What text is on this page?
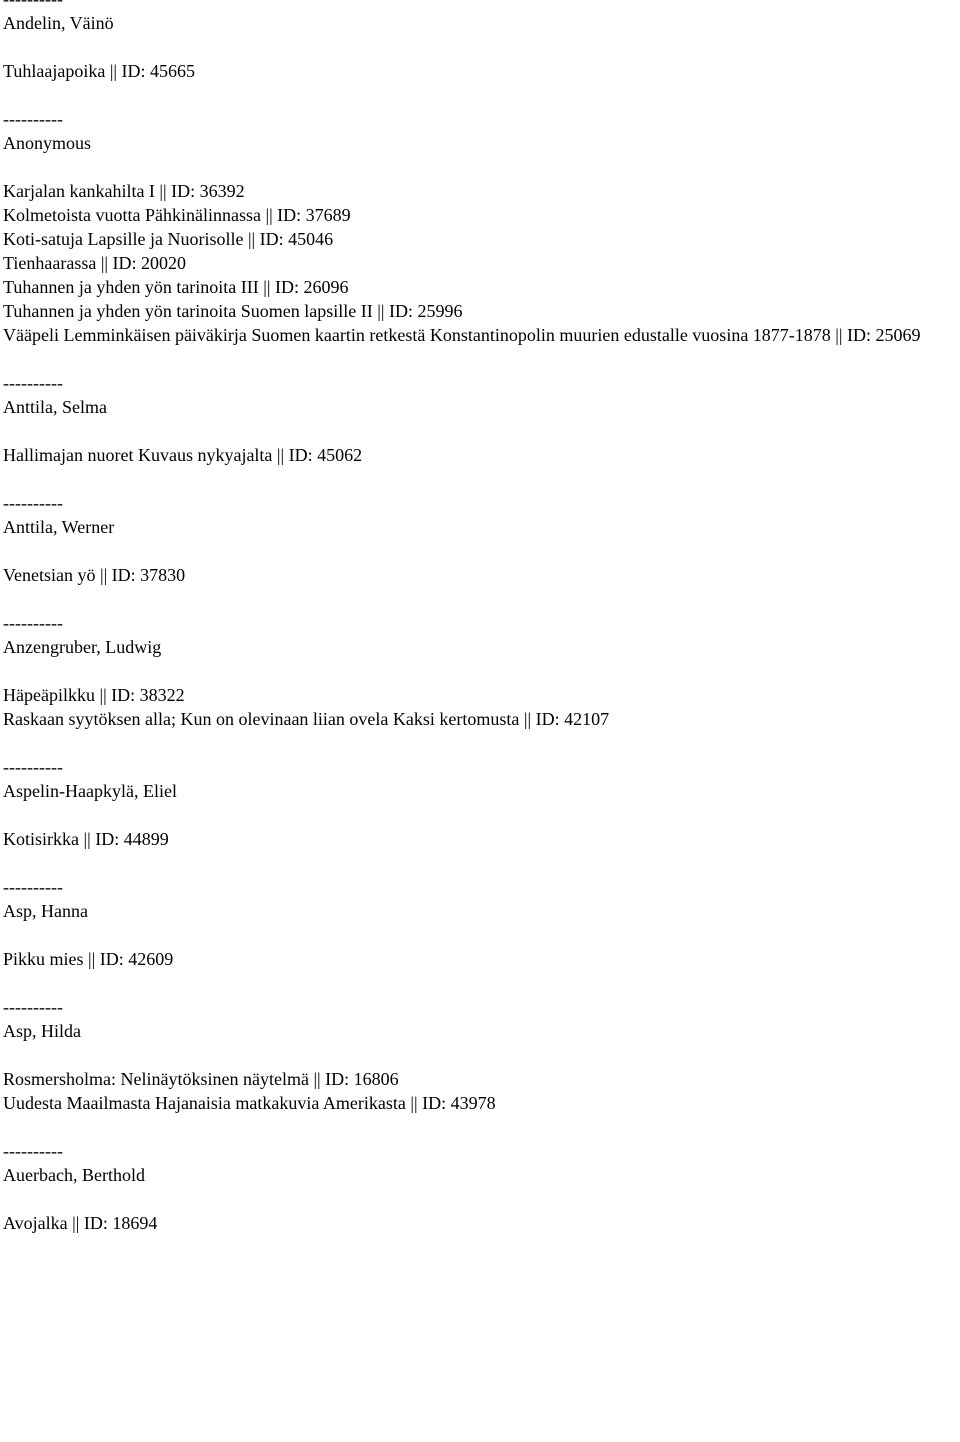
Andelin, Väinö
Tuhlaajapoika || ID: 45665
----------
Anonymous
Karjalan kankahilta I || ID: 36392
Kolmetoista vuotta Pähkinälinnassa || ID: 37689
Koti-satuja Lapsille ja Nuorisolle || ID: 45046
Tienhaarassa || ID: 20020
Tuhannen ja yhden yön tarinoita III || ID: 26096
Tuhannen ja yhden yön tarinoita Suomen lapsille II || ID: 25996
Vääpeli Lemminkäisen päiväkirja Suomen kaartin retkestä Konstantinopolin muurien edustalle vuosina 1877-1878 || ID: 25069
----------
Anttila, Selma
Hallimajan nuoret Kuvaus nykyajalta || ID: 45062
----------
Anttila, Werner
Venetsian yö || ID: 37830
----------
Anzengruber, Ludwig
Häpeäpilkku || ID: 38322
Raskaan syytöksen alla; Kun on olevinaan liian ovela Kaksi kertomusta || ID: 42107
----------
Aspelin-Haapkylä, Eliel
Kotisirkka || ID: 44899
----------
Asp, Hanna
Pikku mies || ID: 42609
----------
Asp, Hilda
Rosmersholma: Nelinäytöksinen näytelmä || ID: 16806
Uudesta Maailmasta Hajanaisia matkakuvia Amerikasta || ID: 43978
----------
Auerbach, Berthold
Avojalka || ID: 18694
